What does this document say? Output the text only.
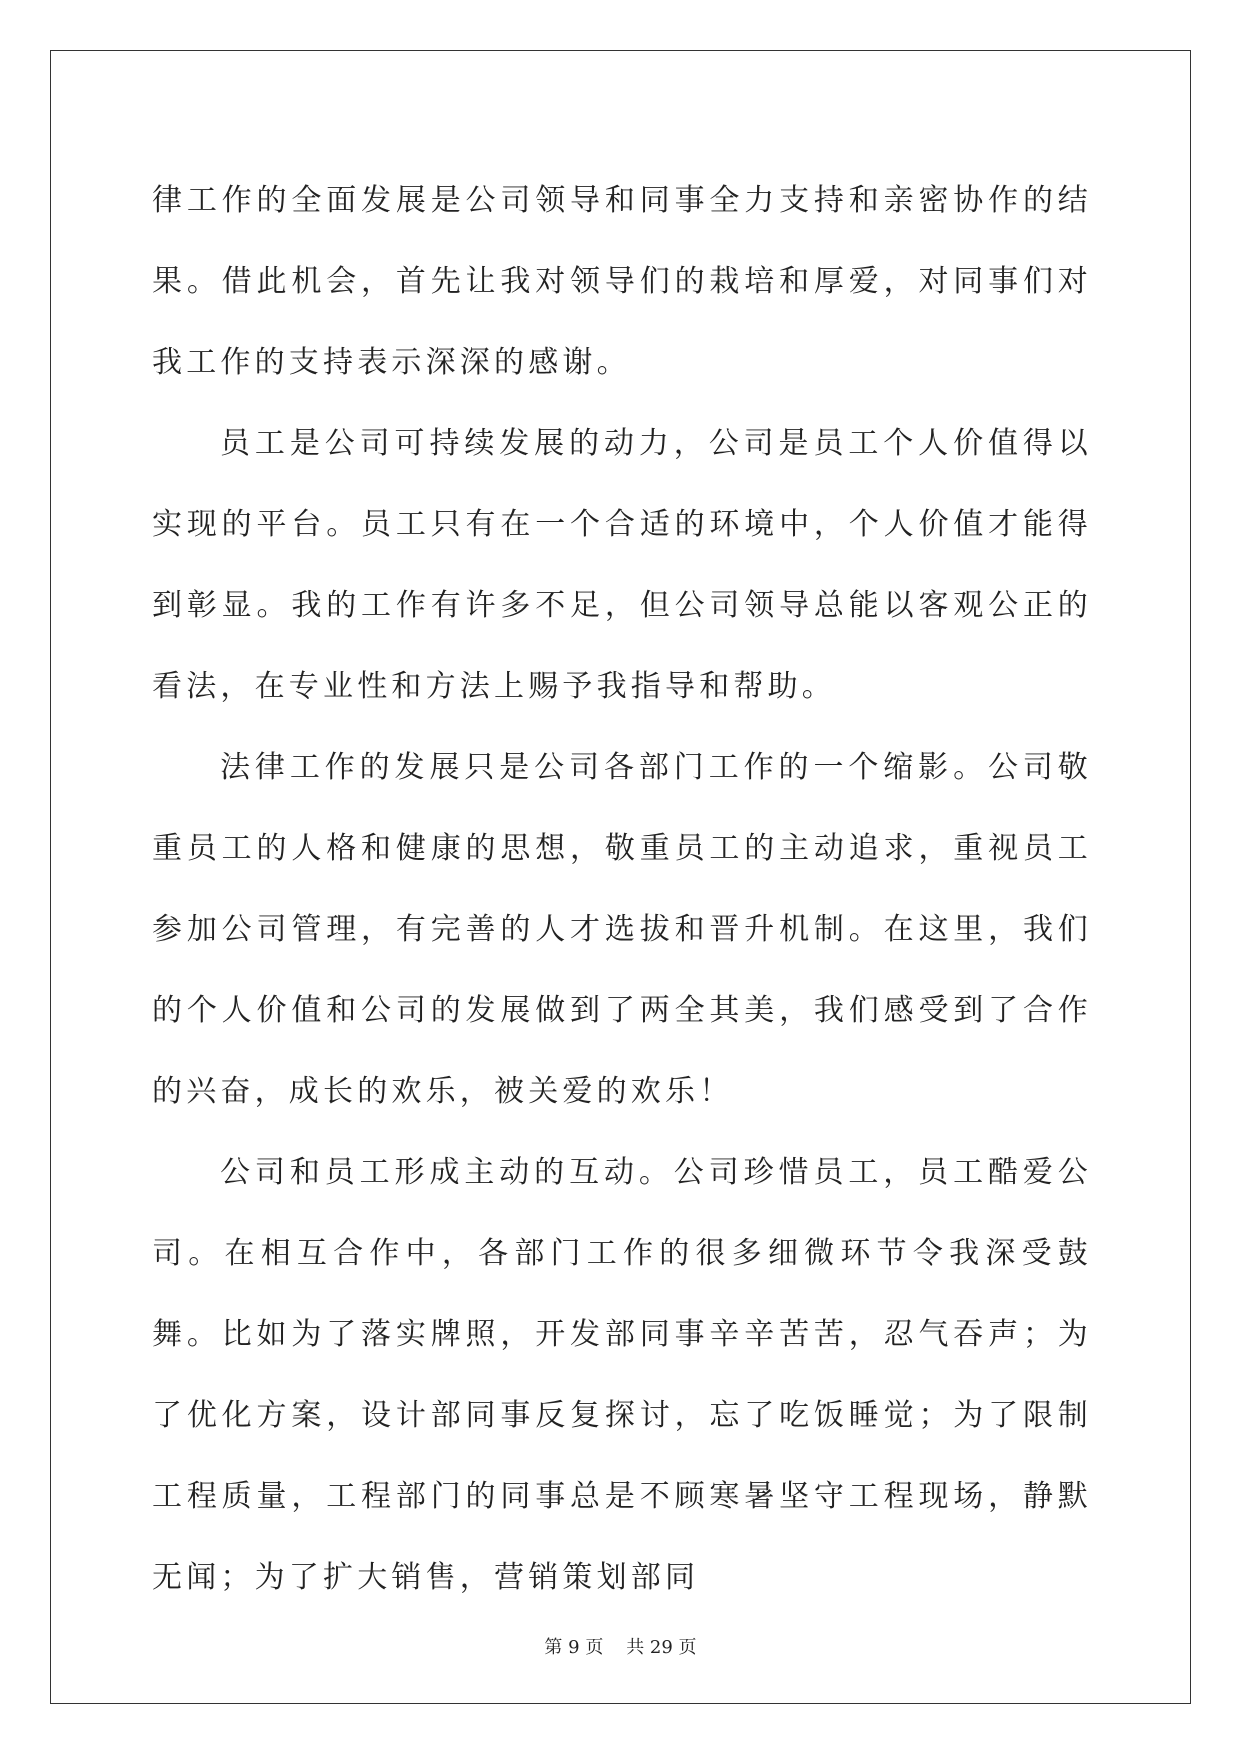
律工作的全面发展是公司领导和同事全力支持和亲密协作的结果。借此机会，首先让我对领导们的栽培和厚爱，对同事们对我工作的支持表示深深的感谢。

员工是公司可持续发展的动力，公司是员工个人价值得以实现的平台。员工只有在一个合适的环境中，个人价值才能得到彰显。我的工作有许多不足，但公司领导总能以客观公正的看法，在专业性和方法上赐予我指导和帮助。

法律工作的发展只是公司各部门工作的一个缩影。公司敬重员工的人格和健康的思想，敬重员工的主动追求，重视员工参加公司管理，有完善的人才选拔和晋升机制。在这里，我们的个人价值和公司的发展做到了两全其美，我们感受到了合作的兴奋，成长的欢乐，被关爱的欢乐！

公司和员工形成主动的互动。公司珍惜员工，员工酷爱公司。在相互合作中，各部门工作的很多细微环节令我深受鼓舞。比如为了落实牌照，开发部同事辛辛苦苦，忍气吞声；为了优化方案，设计部同事反复探讨，忘了吃饭睡觉；为了限制工程质量，工程部门的同事总是不顾寒暑坚守工程现场，静默无闻；为了扩大销售，营销策划部同

第 9 页    共 29 页
